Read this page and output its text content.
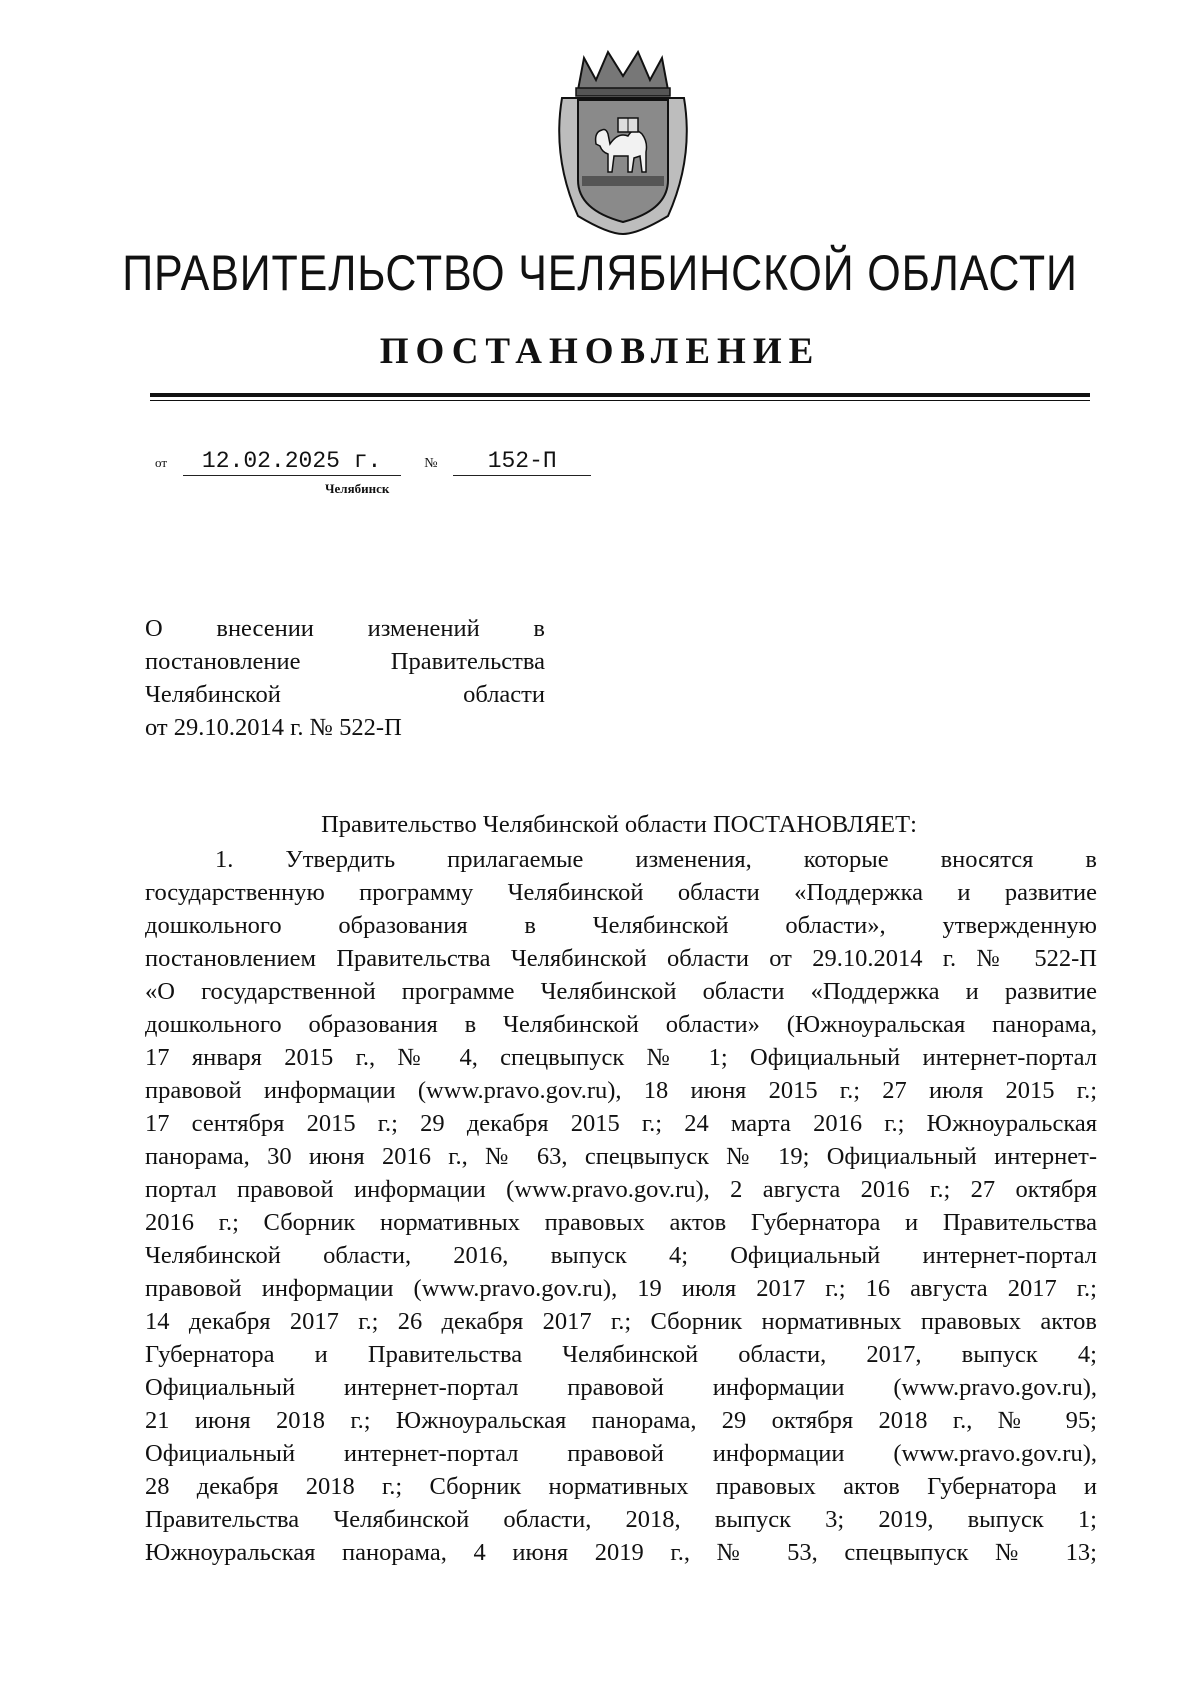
ПРАВИТЕЛЬСТВО ЧЕЛЯБИНСКОЙ ОБЛАСТИ
ПОСТАНОВЛЕНИЕ
от 12.02.2025 г.	№ 152-П
Челябинск
О внесении изменений в
постановление Правительства
Челябинской области
от 29.10.2014 г. № 522-П
Правительство Челябинской области ПОСТАНОВЛЯЕТ:
1. Утвердить прилагаемые изменения, которые вносятся в
государственную программу Челябинской области «Поддержка и развитие
дошкольного образования в Челябинской области», утвержденную
постановлением Правительства Челябинской области от 29.10.2014 г. № 522-П
«О государственной программе Челябинской области «Поддержка и развитие
дошкольного образования в Челябинской области» (Южноуральская панорама,
17 января 2015 г., № 4, спецвыпуск № 1; Официальный интернет-портал
правовой информации (www.pravo.gov.ru), 18 июня 2015 г.; 27 июля 2015 г.;
17 сентября 2015 г.; 29 декабря 2015 г.; 24 марта 2016 г.; Южноуральская
панорама, 30 июня 2016 г., № 63, спецвыпуск № 19; Официальный интернет-
портал правовой информации (www.pravo.gov.ru), 2 августа 2016 г.; 27 октября
2016 г.; Сборник нормативных правовых актов Губернатора и Правительства
Челябинской области, 2016, выпуск 4; Официальный интернет-портал
правовой информации (www.pravo.gov.ru), 19 июля 2017 г.; 16 августа 2017 г.;
14 декабря 2017 г.; 26 декабря 2017 г.; Сборник нормативных правовых актов
Губернатора и Правительства Челябинской области, 2017, выпуск 4;
Официальный интернет-портал правовой информации (www.pravo.gov.ru),
21 июня 2018 г.; Южноуральская панорама, 29 октября 2018 г., № 95;
Официальный интернет-портал правовой информации (www.pravo.gov.ru),
28 декабря 2018 г.; Сборник нормативных правовых актов Губернатора и
Правительства Челябинской области, 2018, выпуск 3; 2019, выпуск 1;
Южноуральская панорама, 4 июня 2019 г., № 53, спецвыпуск № 13;
